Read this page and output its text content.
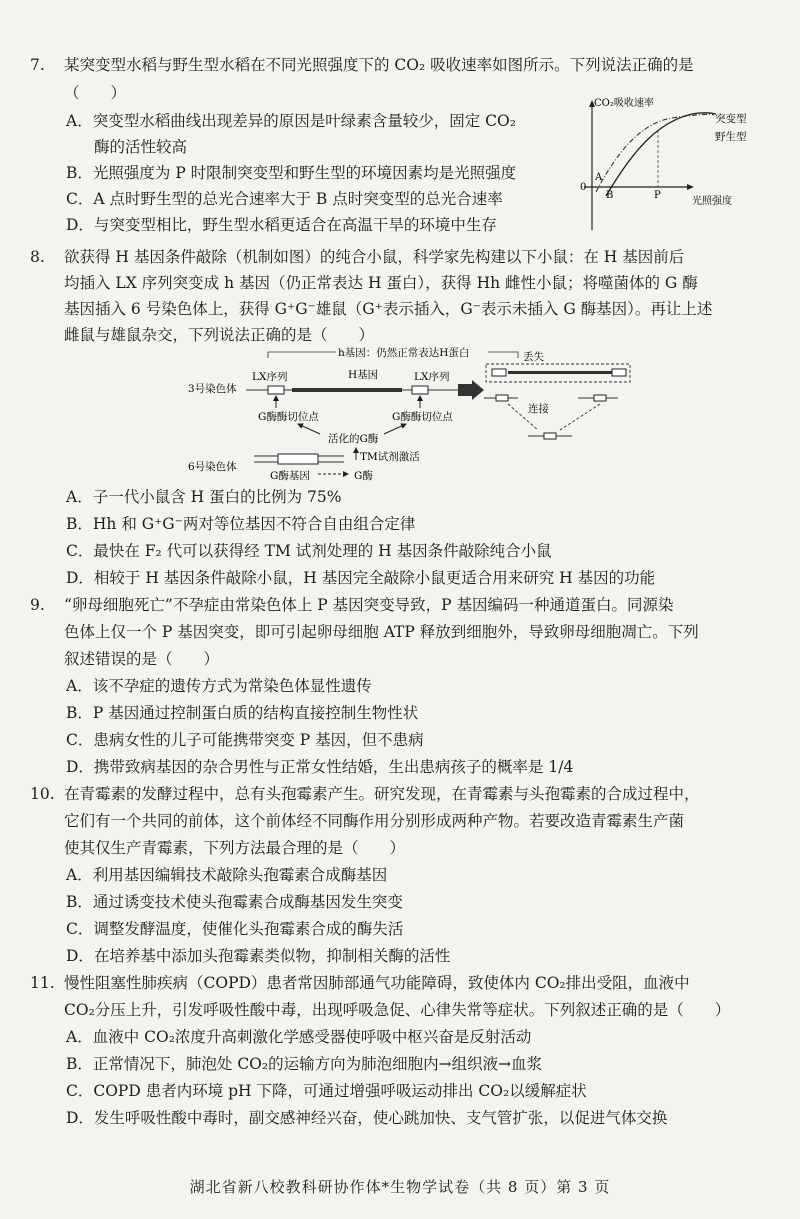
7. 某突变型水稻与野生型水稻在不同光照强度下的 CO₂ 吸收速率如图所示。下列说法正确的是
（　　）
A．突变型水稻曲线出现差异的原因是叶绿素含量较少，固定 CO₂
酶的活性较高
B．光照强度为 P 时限制突变型和野生型的环境因素均是光照强度
C．A 点时野生型的总光合速率大于 B 点时突变型的总光合速率
D．与突变型相比，野生型水稻更适合在高温干旱的环境中生存
CO₂吸收速率
光照强度
0
A
B	P
突变型
野生型
8. 欲获得 H 基因条件敲除（机制如图）的纯合小鼠，科学家先构建以下小鼠：在 H 基因前后
均插入 LX 序列突变成 h 基因（仍正常表达 H 蛋白），获得 Hh 雌性小鼠；将噬菌体的 G 酶
基因插入 6 号染色体上，获得 G⁺G⁻雄鼠（G⁺表示插入，G⁻表示未插入 G 酶基因）。再让上述
雌鼠与雄鼠杂交，下列说法正确的是（　　）
h基因：仍然正常表达H蛋白
3号染色体
LX序列	H基因	LX序列
丢失
连接
G酶酶切位点	G酶酶切位点
活化的G酶
TM试剂激活
6号染色体
G酶基因	G酶
A．子一代小鼠含 H 蛋白的比例为 75%
B．Hh 和 G⁺G⁻两对等位基因不符合自由组合定律
C．最快在 F₂ 代可以获得经 TM 试剂处理的 H 基因条件敲除纯合小鼠
D．相较于 H 基因条件敲除小鼠，H 基因完全敲除小鼠更适合用来研究 H 基因的功能
9. “卵母细胞死亡”不孕症由常染色体上 P 基因突变导致，P 基因编码一种通道蛋白。同源染
色体上仅一个 P 基因突变，即可引起卵母细胞 ATP 释放到细胞外，导致卵母细胞凋亡。下列
叙述错误的是（　　）
A．该不孕症的遗传方式为常染色体显性遗传
B．P 基因通过控制蛋白质的结构直接控制生物性状
C．患病女性的儿子可能携带突变 P 基因，但不患病
D．携带致病基因的杂合男性与正常女性结婚，生出患病孩子的概率是 1/4
10. 在青霉素的发酵过程中，总有头孢霉素产生。研究发现，在青霉素与头孢霉素的合成过程中，
它们有一个共同的前体，这个前体经不同酶作用分别形成两种产物。若要改造青霉素生产菌
使其仅生产青霉素，下列方法最合理的是（　　）
A．利用基因编辑技术敲除头孢霉素合成酶基因
B．通过诱变技术使头孢霉素合成酶基因发生突变
C．调整发酵温度，使催化头孢霉素合成的酶失活
D．在培养基中添加头孢霉素类似物，抑制相关酶的活性
11. 慢性阻塞性肺疾病（COPD）患者常因肺部通气功能障碍，致使体内 CO₂排出受阻，血液中
CO₂分压上升，引发呼吸性酸中毒，出现呼吸急促、心律失常等症状。下列叙述正确的是（　　）
A．血液中 CO₂浓度升高刺激化学感受器使呼吸中枢兴奋是反射活动
B．正常情况下，肺泡处 CO₂的运输方向为肺泡细胞内→组织液→血浆
C．COPD 患者内环境 pH 下降，可通过增强呼吸运动排出 CO₂以缓解症状
D．发生呼吸性酸中毒时，副交感神经兴奋，使心跳加快、支气管扩张，以促进气体交换
湖北省新八校教科研协作体*生物学试卷（共 8 页）第 3 页
